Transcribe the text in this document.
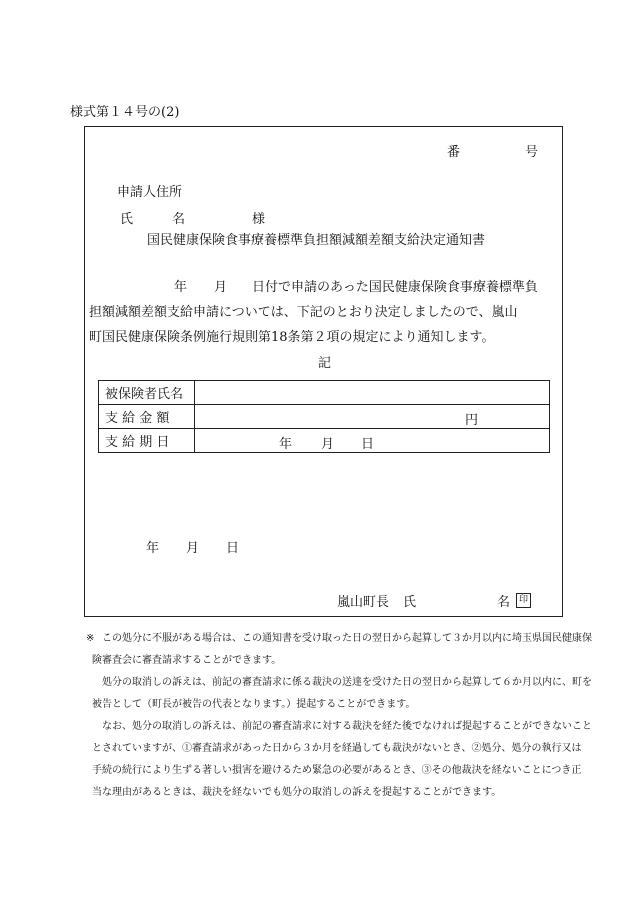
様式第１４号の(2)
番	号
申請人住所
氏	名	様
国民健康保険食事療養標準負担額減額差額支給決定通知書
年 月 日付で申請のあった国民健康保険食事療養標準負
担額減額差額支給申請については、下記のとおり決定しましたので、嵐山
町国民健康保険条例施行規則第18条第２項の規定により通知します。
記
被保険者氏名	

支 給 金 額	円

支 給 期 日	年 月 日
年 月 日
嵐山町長 氏	名 印
※ この処分に不服がある場合は、この通知書を受け取った日の翌日から起算して３か月以内に埼玉県国民健康保
険審査会に審査請求することができます。
処分の取消しの訴えは、前記の審査請求に係る裁決の送達を受けた日の翌日から起算して６か月以内に、町を
被告として（町長が被告の代表となります。）提起することができます。
なお、処分の取消しの訴えは、前記の審査請求に対する裁決を経た後でなければ提起することができないこと
とされていますが、①審査請求があった日から３か月を経過しても裁決がないとき、②処分、処分の執行又は
手続の続行により生ずる著しい損害を避けるため緊急の必要があるとき、③その他裁決を経ないことにつき正
当な理由があるときは、裁決を経ないでも処分の取消しの訴えを提起することができます。
